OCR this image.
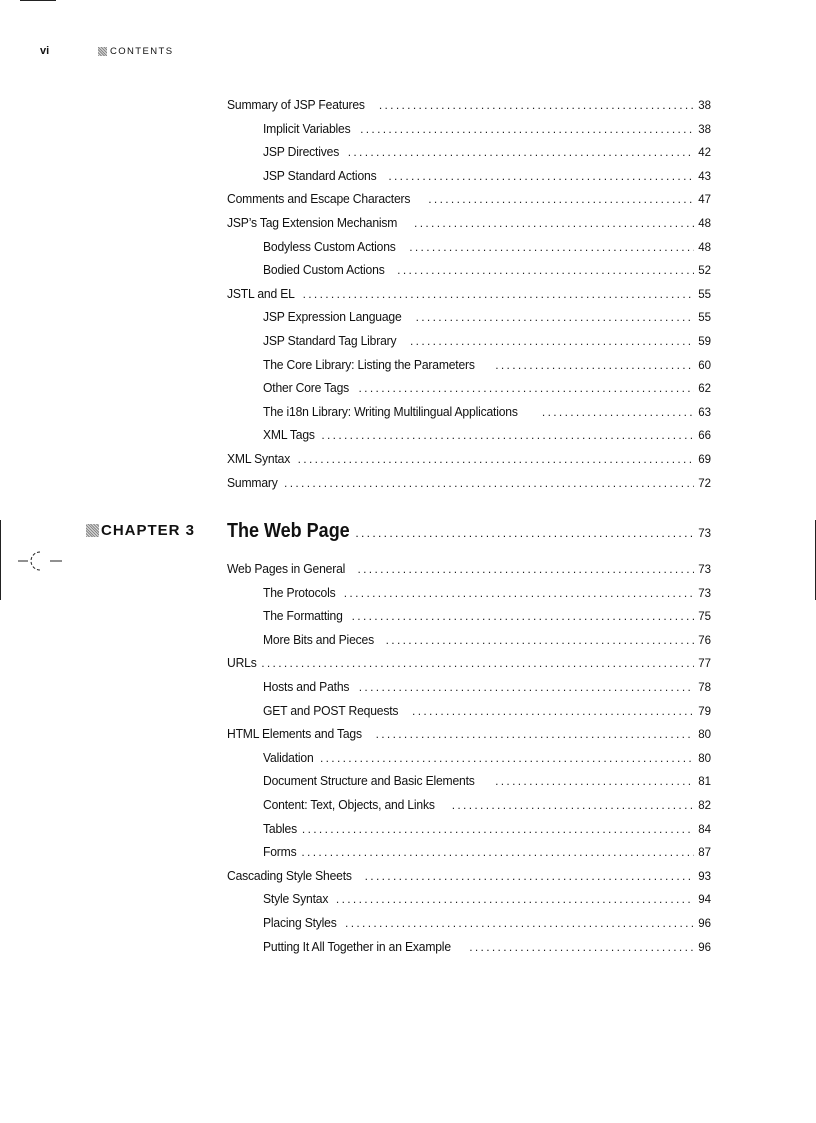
vi	CONTENTS
Summary of JSP Features . . .	38
Implicit Variables . . .	38
JSP Directives . . .	42
JSP Standard Actions . . .	43
Comments and Escape Characters . . .	47
JSP’s Tag Extension Mechanism . . .	48
Bodyless Custom Actions . . .	48
Bodied Custom Actions . . .	52
JSTL and EL . . .	55
JSP Expression Language . . .	55
JSP Standard Tag Library . . .	59
The Core Library: Listing the Parameters . . .	60
Other Core Tags . . .	62
The i18n Library: Writing Multilingual Applications . . .	63
XML Tags . . .	66
XML Syntax . . .	69
Summary . . .	72
CHAPTER 3 The Web Page . . .	73
Web Pages in General . . .	73
The Protocols . . .	73
The Formatting . . .	75
More Bits and Pieces . . .	76
URLs . . .	77
Hosts and Paths . . .	78
GET and POST Requests . . .	79
HTML Elements and Tags . . .	80
Validation . . .	80
Document Structure and Basic Elements . . .	81
Content: Text, Objects, and Links . . .	82
Tables . . .	84
Forms . . .	87
Cascading Style Sheets . . .	93
Style Syntax . . .	94
Placing Styles . . .	96
Putting It All Together in an Example . . .	96
